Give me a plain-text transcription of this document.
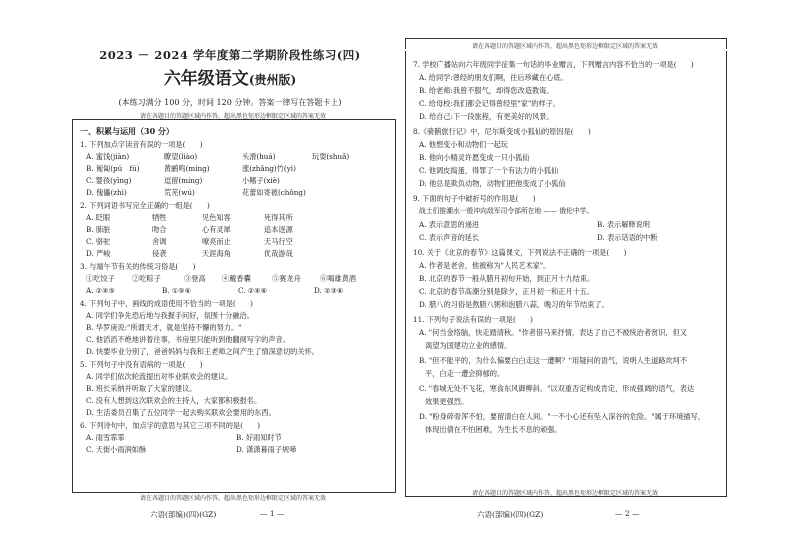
2023 － 2024 学年度第二学期阶段性练习(四)
六年级语文(贵州版)
(本练习满分 100 分，时间 120 分钟。答案一律写在答题卡上)
请在各题目的答题区域内作答，超出黑色矩形边框限定区域的答案无效
请在各题目的答题区域内作答，超出黑色矩形边框限定区域的答案无效
一、积累与运用（30 分）
1. 下列加点字读音有误的一项是(　　)
A. 蜜饯(jiàn)	瞭望(liào)	头滑(huá)	玩耍(shuǎ)
B. 匍匐(pú　fú)	黄鹂鸣(míng)	涨(zhǎng)竹(yì)
C. 婴孩(yīng)	逗留(míng)	小鳍子(xiè)
D. 傀儡(zhì)	荒芜(wú)	花蕾如寄被(chǒng)
2. 下列词语书写完全正确的一组是(　　)
A. 眨眼	牺牲	见色知客	死得其所
B. 肺脏	吻合	心有灵犀	追本逐源
C. 骆驼	舍调	嘹亮而止	天马行空
D. 严峻	侵袭	天涯海角	优哉游哉
3. 与端午节有关的传统习俗是(　　)
①吃饺子 ②吃粽子	③登高 ④戴香囊	⑤赛龙舟	⑥喝雄黄酒
A. ②④⑤	B. ①⑤⑥	C. ②④⑥	D. ②③⑥
4. 下列句子中，画线的成语使用不恰当的一项是(　　)
A. 同学们争先恐后地与我握手问好，氛围十分融洽。
B. 华罗庚说:"所谓天才，就是坚持不懈的努力。"
C. 他滔滔不绝地讲着往事，书房里只能听到他翻阅写字的声音。
D. 快要毕业分别了，爸爸妈妈与我和王老师之间产生了情深意切的关怀。
5. 下列句子中没有语病的一项是(　　)
A. 同学们依次轮流提出对毕业联欢会的建议。
B. 班长采纳并听取了大家的建议。
C. 没有人想到这次联欢会的主持人，大家都积极报名。
D. 生活委员召集了五位同学一起去购买联欢会要用的东西。
6. 下列诗句中，加点字的意思与其它三项不同的是(　　)
A. 雨雪霏霏	B. 好雨知时节
C. 天街小雨润如酥	D. 潇潇暮雨子规啼
六语(部编)(四)(GZ)	— 1 —
请在各题目的答题区域内作答，超出黑色矩形边框限定区域的答案无效
请在各题目的答题区域内作答，超出黑色矩形边框限定区域的答案无效
7. 学校广播站向六年级同学征集一句话的毕业赠言，下列赠言内容不恰当的一项是(　　)
A. 给同学:曾经的朋友们啊，往后珍藏在心底。
B. 给老师:我曾不服气，却得您改造教诲。
C. 给母校:我们都会记得曾经里"家"的样子。
D. 给自己:下一段旅程，有更美好的风景。
8.《骑鹅旅行记》中，尼尔斯变成小狐仙的原因是(　　)
A. 他想变小和动物们一起玩
B. 他向小精灵许愿变成一只小狐仙
C. 他调皮捣蛋，得罪了一个有法力的小狐仙
D. 他总是欺负动物，动物们把他变成了小狐仙
9. 下面的句子中破折号的作用是(　　)
战士们推潮水一般冲向敌军司令部所在地 —— 俄伦中学。
A. 表示意思的递进	B. 表示解释说明
C. 表示声音的延长	D. 表示话语的中断
10. 关于《北京的春节》这篇课文，下列说法不正确的一项是(　　)
A. 作者是老舍，他被称为"人民艺术家"。
B. 北京的春节一般从腊月初旬开始，到正月十九结束。
C. 北京的春节高潮分别是除夕，正月初一和正月十五。
D. 腊八的习俗是熬腊八粥和泡腊八蒜，晚习的年节结束了。
11. 下列句子说法有误的一项是(　　)
A. "何当金络脑，快走踏清秋。"作者借马来抒情，表达了自己不被统治者赏识，但又
渴望为国建功立业的感情。
B. "但不能平的，为什么偏要白白走这一遭啊？"用疑问的语气，说明人生道路坎坷不
平，白走一遭会抑郁的。
C. "春城无处不飞花，寒食东风御柳斜。"以双重否定构成肯定，形成强调的语气，表达
效果更强烈。
D. "粉身碎骨浑不怕，要留清白在人间。"一不小心还有坠入深谷的危险。"属于环境描写，
体现出倩在不怕困难，为生长不息的顽强。
六语(部编)(四)(GZ)	— 2 —
